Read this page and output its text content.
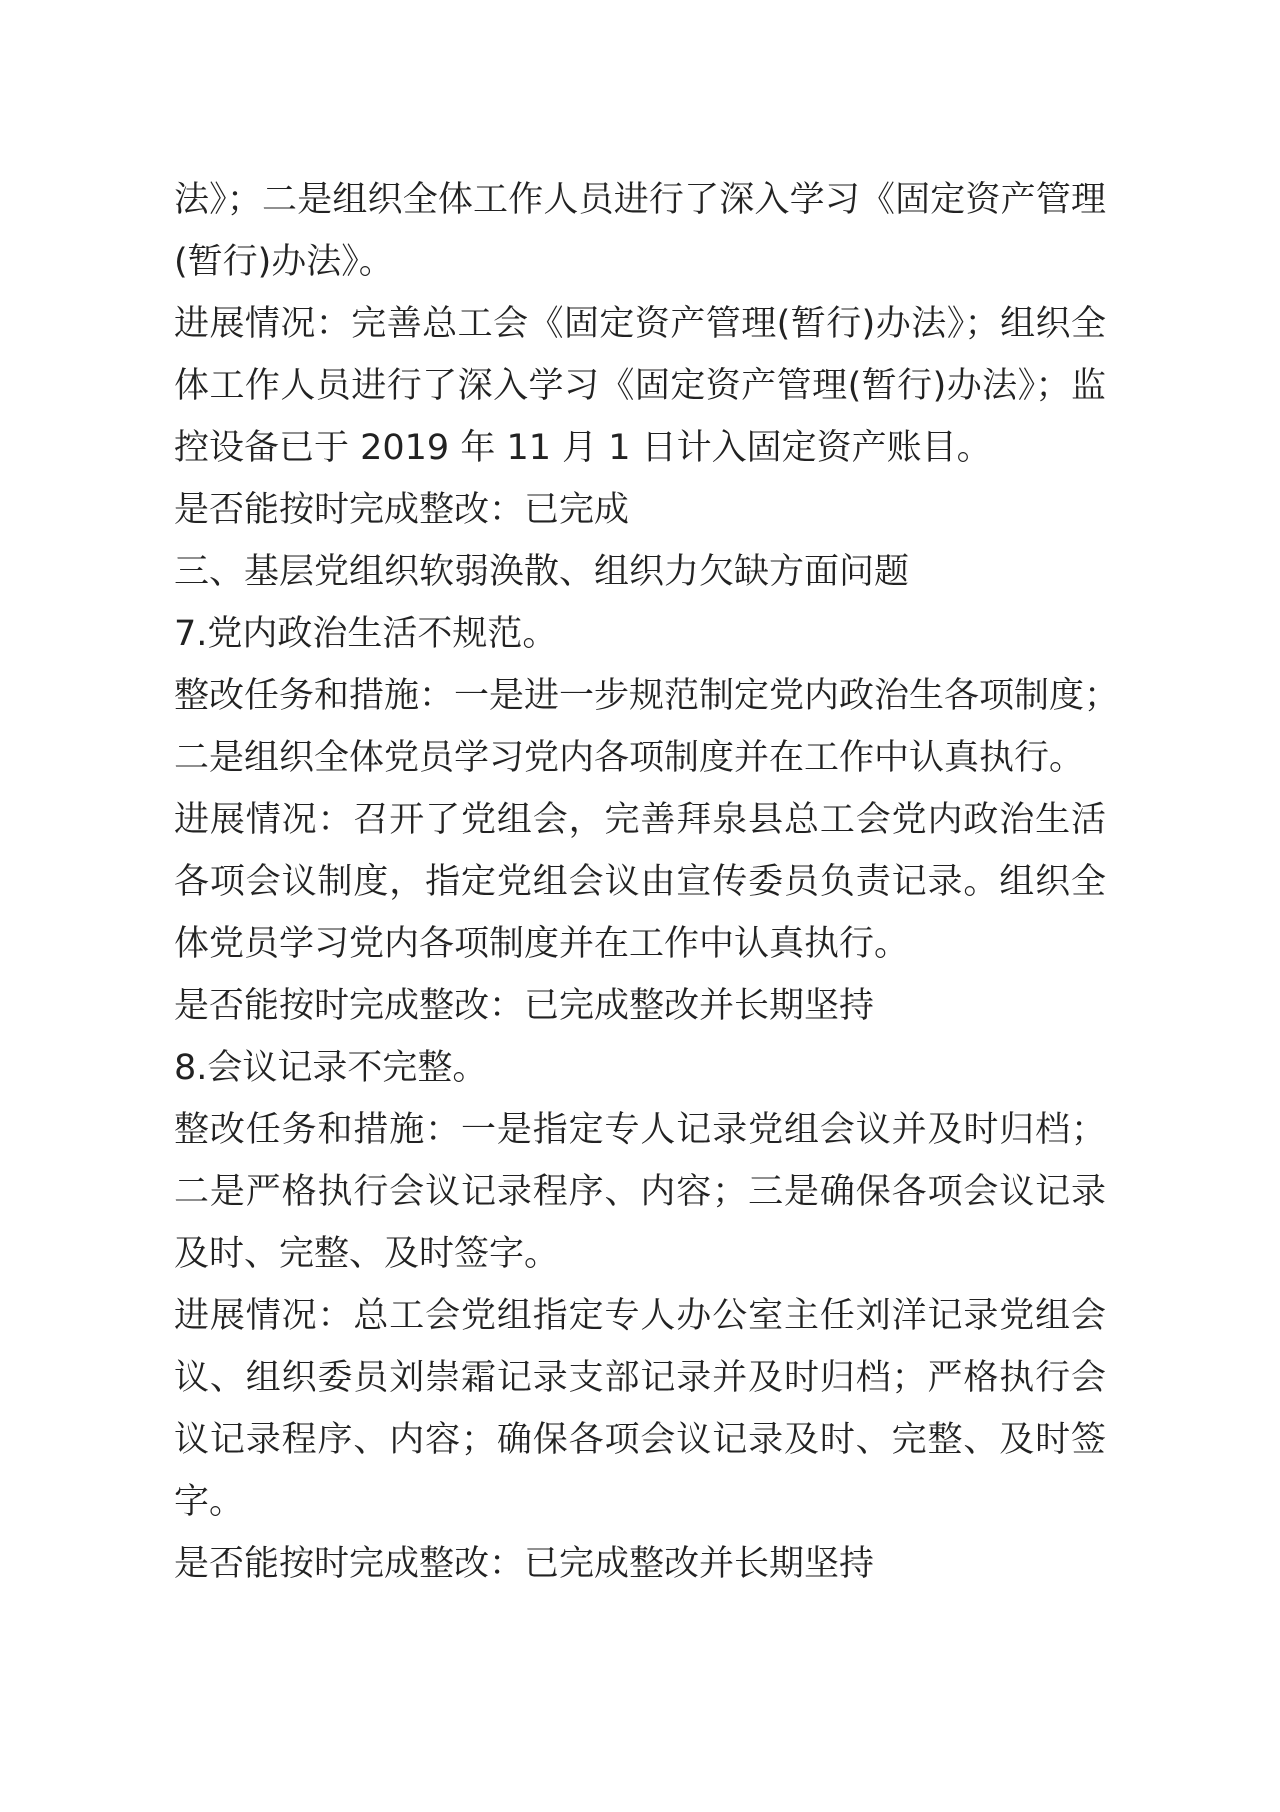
法》；二是组织全体工作人员进行了深入学习《固定资产管理
(暂行)办法》。
进展情况：完善总工会《固定资产管理(暂行)办法》；组织全
体工作人员进行了深入学习《固定资产管理(暂行)办法》；监
控设备已于 2019 年 11 月 1 日计入固定资产账目。
是否能按时完成整改：已完成
三、基层党组织软弱涣散、组织力欠缺方面问题
7.党内政治生活不规范。
整改任务和措施：一是进一步规范制定党内政治生各项制度；
二是组织全体党员学习党内各项制度并在工作中认真执行。
进展情况：召开了党组会，完善拜泉县总工会党内政治生活
各项会议制度，指定党组会议由宣传委员负责记录。组织全
体党员学习党内各项制度并在工作中认真执行。
是否能按时完成整改：已完成整改并长期坚持
8.会议记录不完整。
整改任务和措施：一是指定专人记录党组会议并及时归档；
二是严格执行会议记录程序、内容；三是确保各项会议记录
及时、完整、及时签字。
进展情况：总工会党组指定专人办公室主任刘洋记录党组会
议、组织委员刘崇霜记录支部记录并及时归档；严格执行会
议记录程序、内容；确保各项会议记录及时、完整、及时签
字。
是否能按时完成整改：已完成整改并长期坚持
